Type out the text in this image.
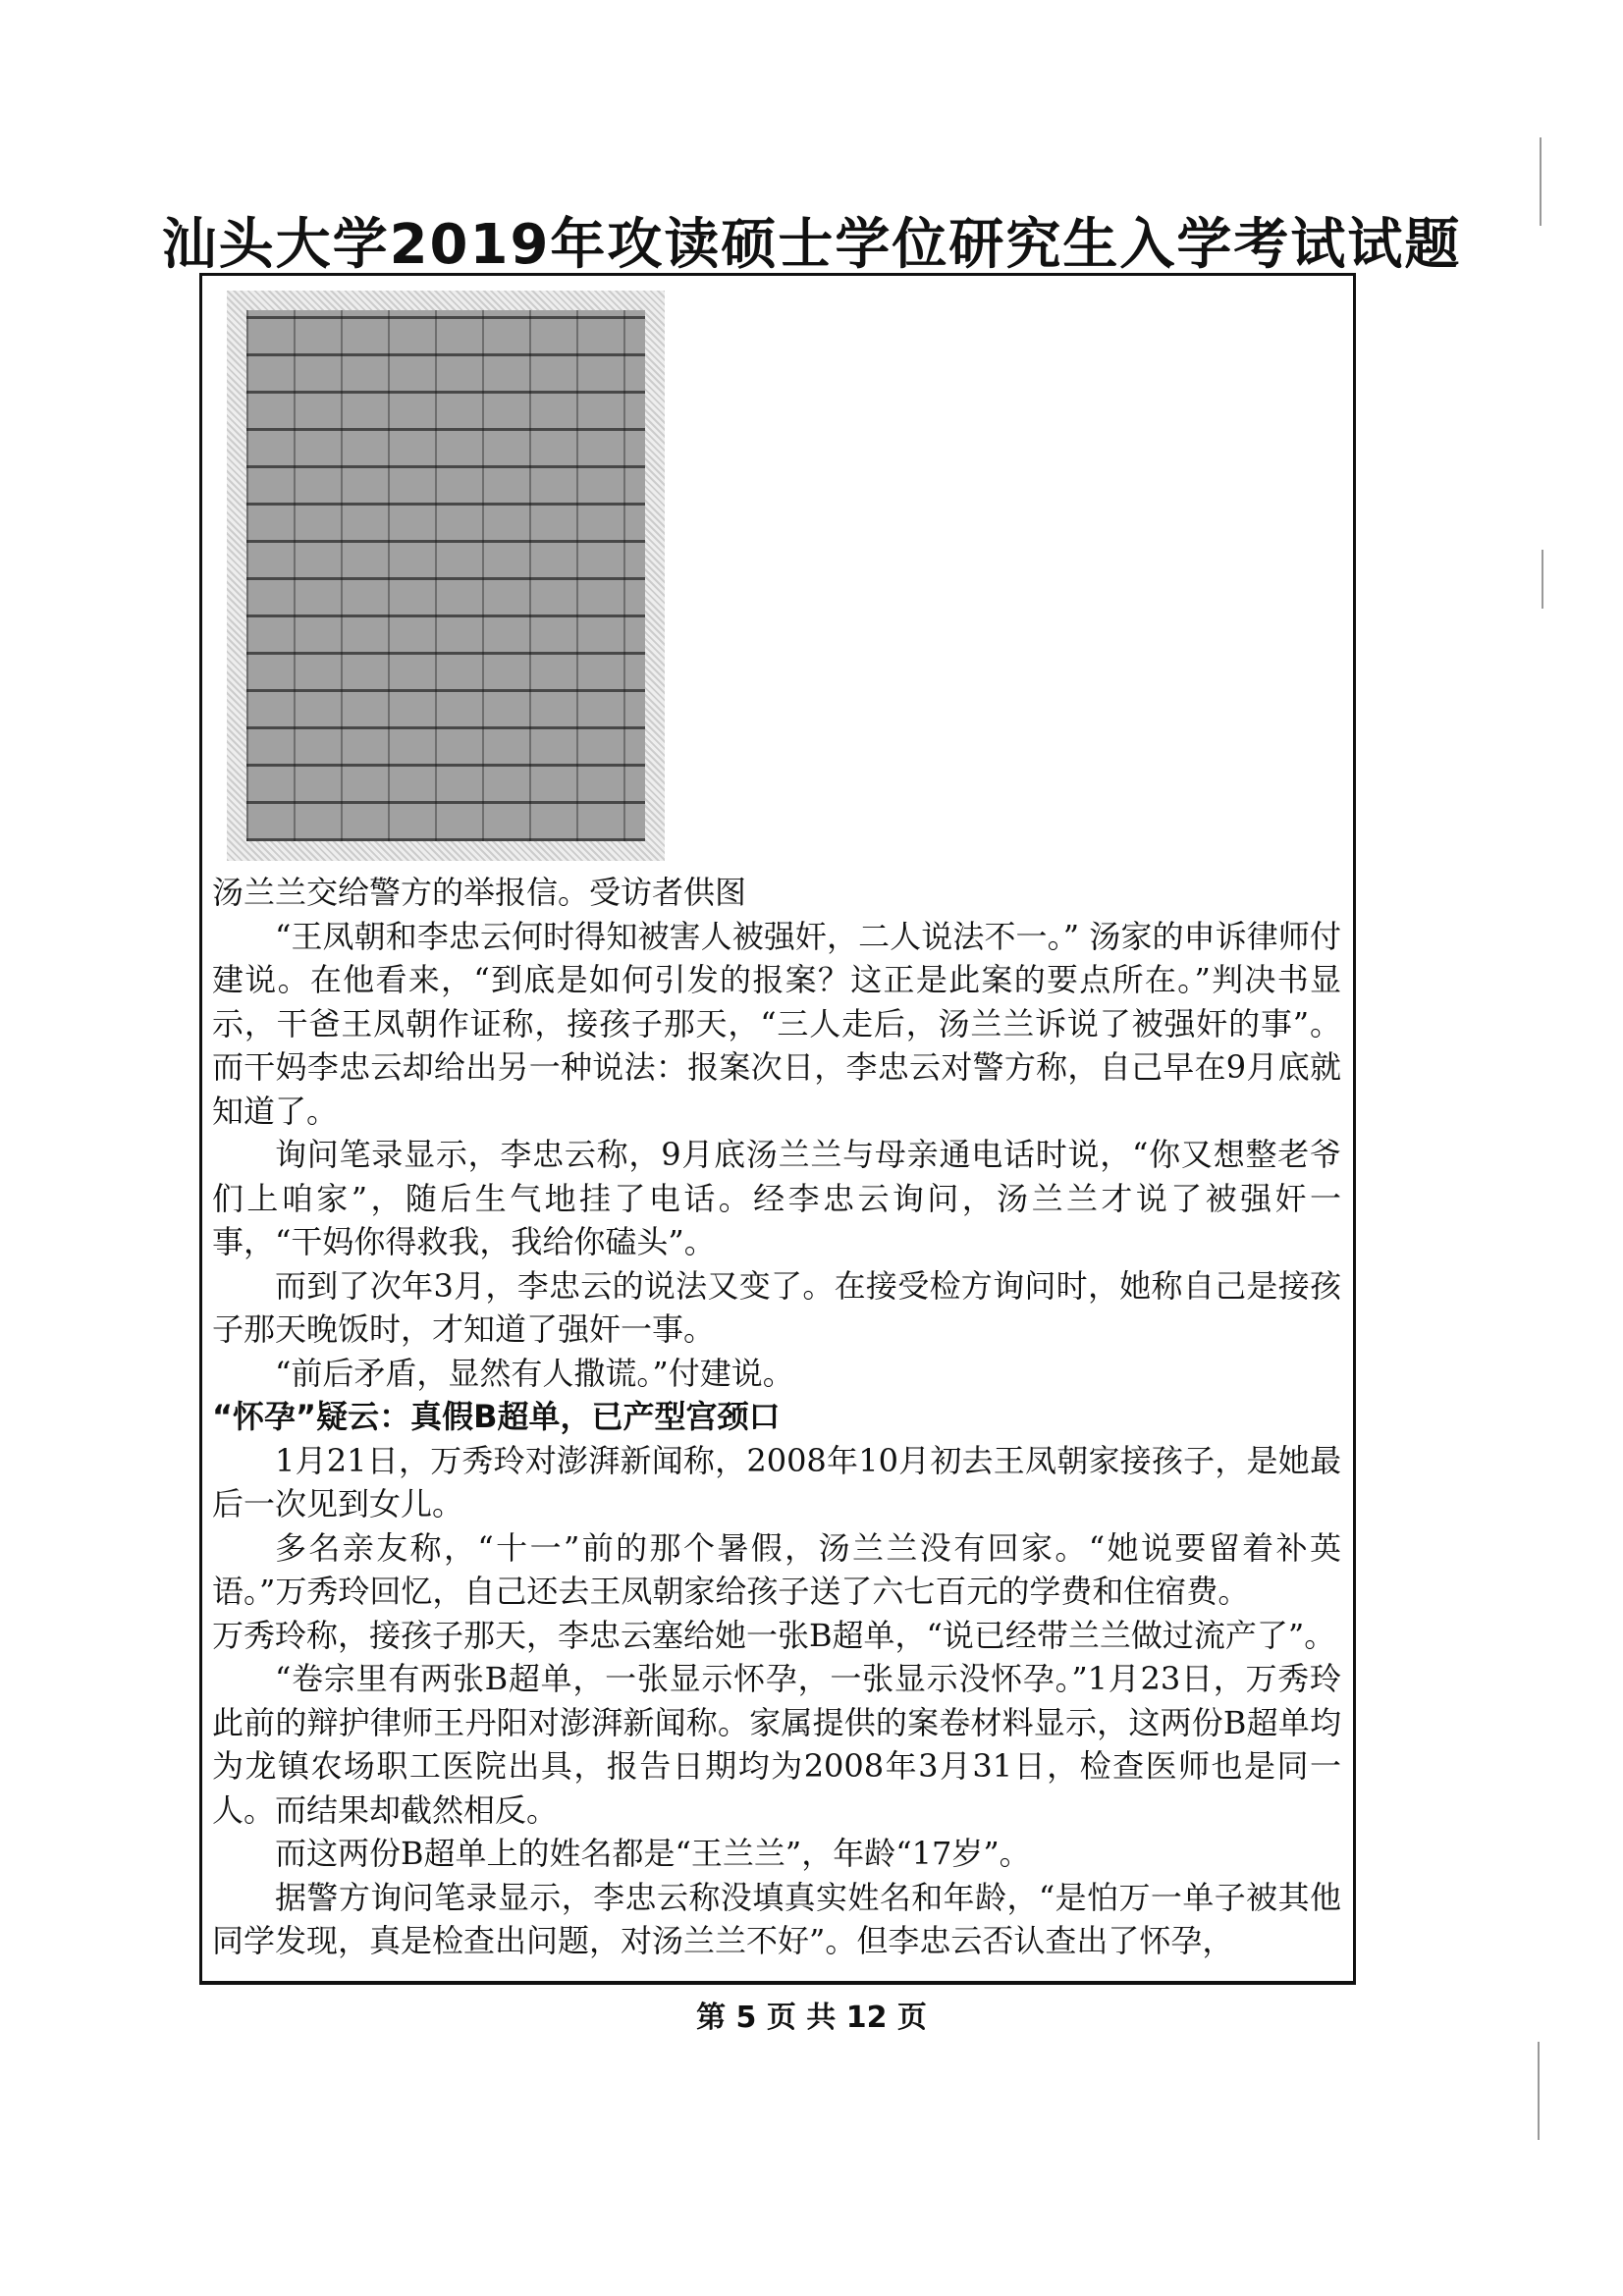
汕头大学2019年攻读硕士学位研究生入学考试试题

汤兰兰交给警方的举报信。受访者供图

“王凤朝和李忠云何时得知被害人被强奸，二人说法不一。” 汤家的申诉律师付建说。在他看来，“到底是如何引发的报案？这正是此案的要点所在。”判决书显示，干爸王凤朝作证称，接孩子那天，“三人走后，汤兰兰诉说了被强奸的事”。而干妈李忠云却给出另一种说法：报案次日，李忠云对警方称，自己早在9月底就知道了。

询问笔录显示，李忠云称，9月底汤兰兰与母亲通电话时说，“你又想整老爷们上咱家”，随后生气地挂了电话。经李忠云询问，汤兰兰才说了被强奸一事，“干妈你得救我，我给你磕头”。

而到了次年3月，李忠云的说法又变了。在接受检方询问时，她称自己是接孩子那天晚饭时，才知道了强奸一事。

“前后矛盾，显然有人撒谎。”付建说。

“怀孕”疑云：真假B超单，已产型宫颈口

1月21日，万秀玲对澎湃新闻称，2008年10月初去王凤朝家接孩子，是她最后一次见到女儿。

多名亲友称，“十一”前的那个暑假，汤兰兰没有回家。“她说要留着补英语。”万秀玲回忆，自己还去王凤朝家给孩子送了六七百元的学费和住宿费。

万秀玲称，接孩子那天，李忠云塞给她一张B超单，“说已经带兰兰做过流产了”。

“卷宗里有两张B超单，一张显示怀孕，一张显示没怀孕。”1月23日，万秀玲此前的辩护律师王丹阳对澎湃新闻称。家属提供的案卷材料显示，这两份B超单均为龙镇农场职工医院出具，报告日期均为2008年3月31日，检查医师也是同一人。而结果却截然相反。

而这两份B超单上的姓名都是“王兰兰”，年龄“17岁”。

据警方询问笔录显示，李忠云称没填真实姓名和年龄，“是怕万一单子被其他同学发现，真是检查出问题，对汤兰兰不好”。但李忠云否认查出了怀孕，

第 5 页 共 12 页
